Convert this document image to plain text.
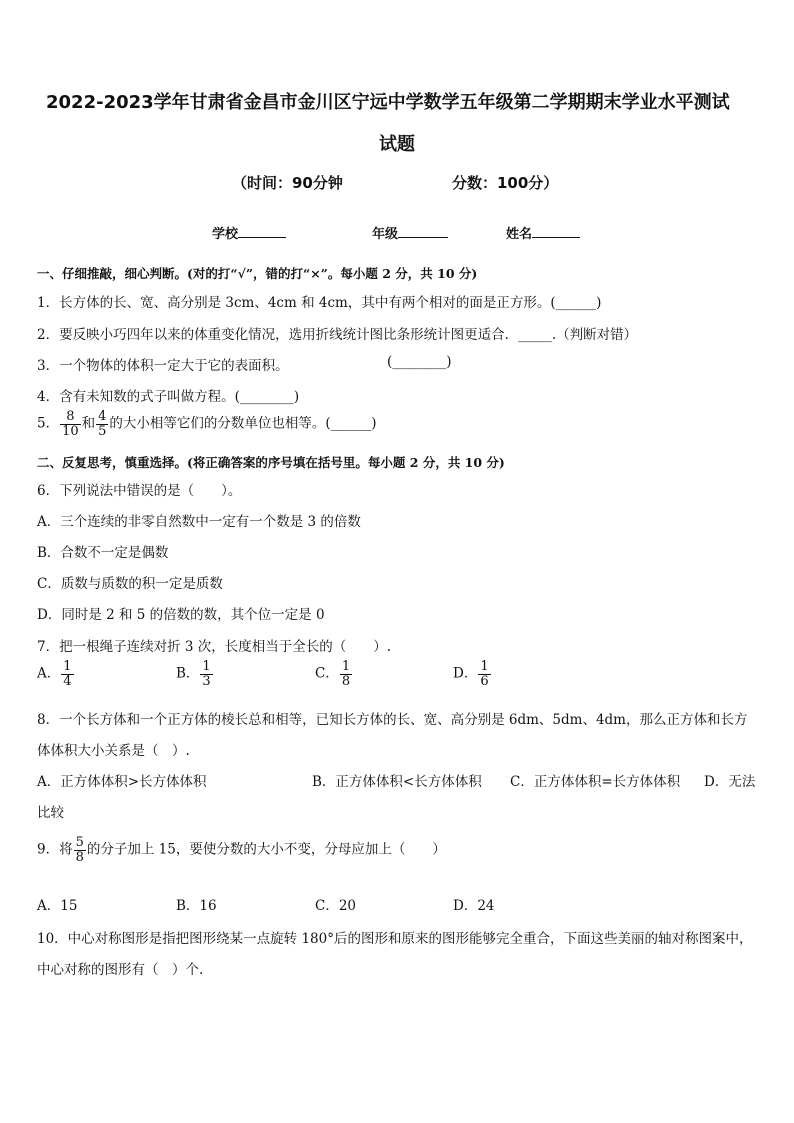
2022-2023学年甘肃省金昌市金川区宁远中学数学五年级第二学期期末学业水平测试
试题
（时间：90分钟	分数：100分）
学校	年级	姓名
一、仔细推敲，细心判断。(对的打“√”，错的打“×”。每小题 2 分，共 10 分)
1．长方体的长、宽、高分别是 3cm、4cm 和 4cm，其中有两个相对的面是正方形。(______)
2．要反映小巧四年以来的体重变化情况，选用折线统计图比条形统计图更适合．_____.（判断对错）
3．一个物体的体积一定大于它的表面积。	(________)
4．含有未知数的式子叫做方程。(________)
5． $\frac{8}{10}$ 和 $\frac{4}{5}$ 的大小相等它们的分数单位也相等。(______)
二、反复思考，慎重选择。(将正确答案的序号填在括号里。每小题 2 分，共 10 分)
6．下列说法中错误的是（　　）。
A．三个连续的非零自然数中一定有一个数是 3 的倍数
B．合数不一定是偶数
C．质数与质数的积一定是质数
D．同时是 2 和 5 的倍数的数，其个位一定是 0
7．把一根绳子连续对折 3 次，长度相当于全长的（　　）.
A． $\frac{1}{4}$	B． $\frac{1}{3}$	C． $\frac{1}{8}$	D． $\frac{1}{6}$
8．一个长方体和一个正方体的棱长总和相等，已知长方体的长、宽、高分别是 6dm、5dm、4dm，那么正方体和长方
体体积大小关系是（　）.
A．正方体体积>长方体体积	B．正方体体积<长方体体积 C．正方体体积=长方体体积 D．无法
比较
9．将 $\frac{5}{8}$ 的分子加上 15，要使分数的大小不变，分母应加上（　　）
A．15	B．16	C．20	D．24
10．中心对称图形是指把图形绕某一点旋转 180°后的图形和原来的图形能够完全重合，下面这些美丽的轴对称图案中，
中心对称的图形有（　）个.
